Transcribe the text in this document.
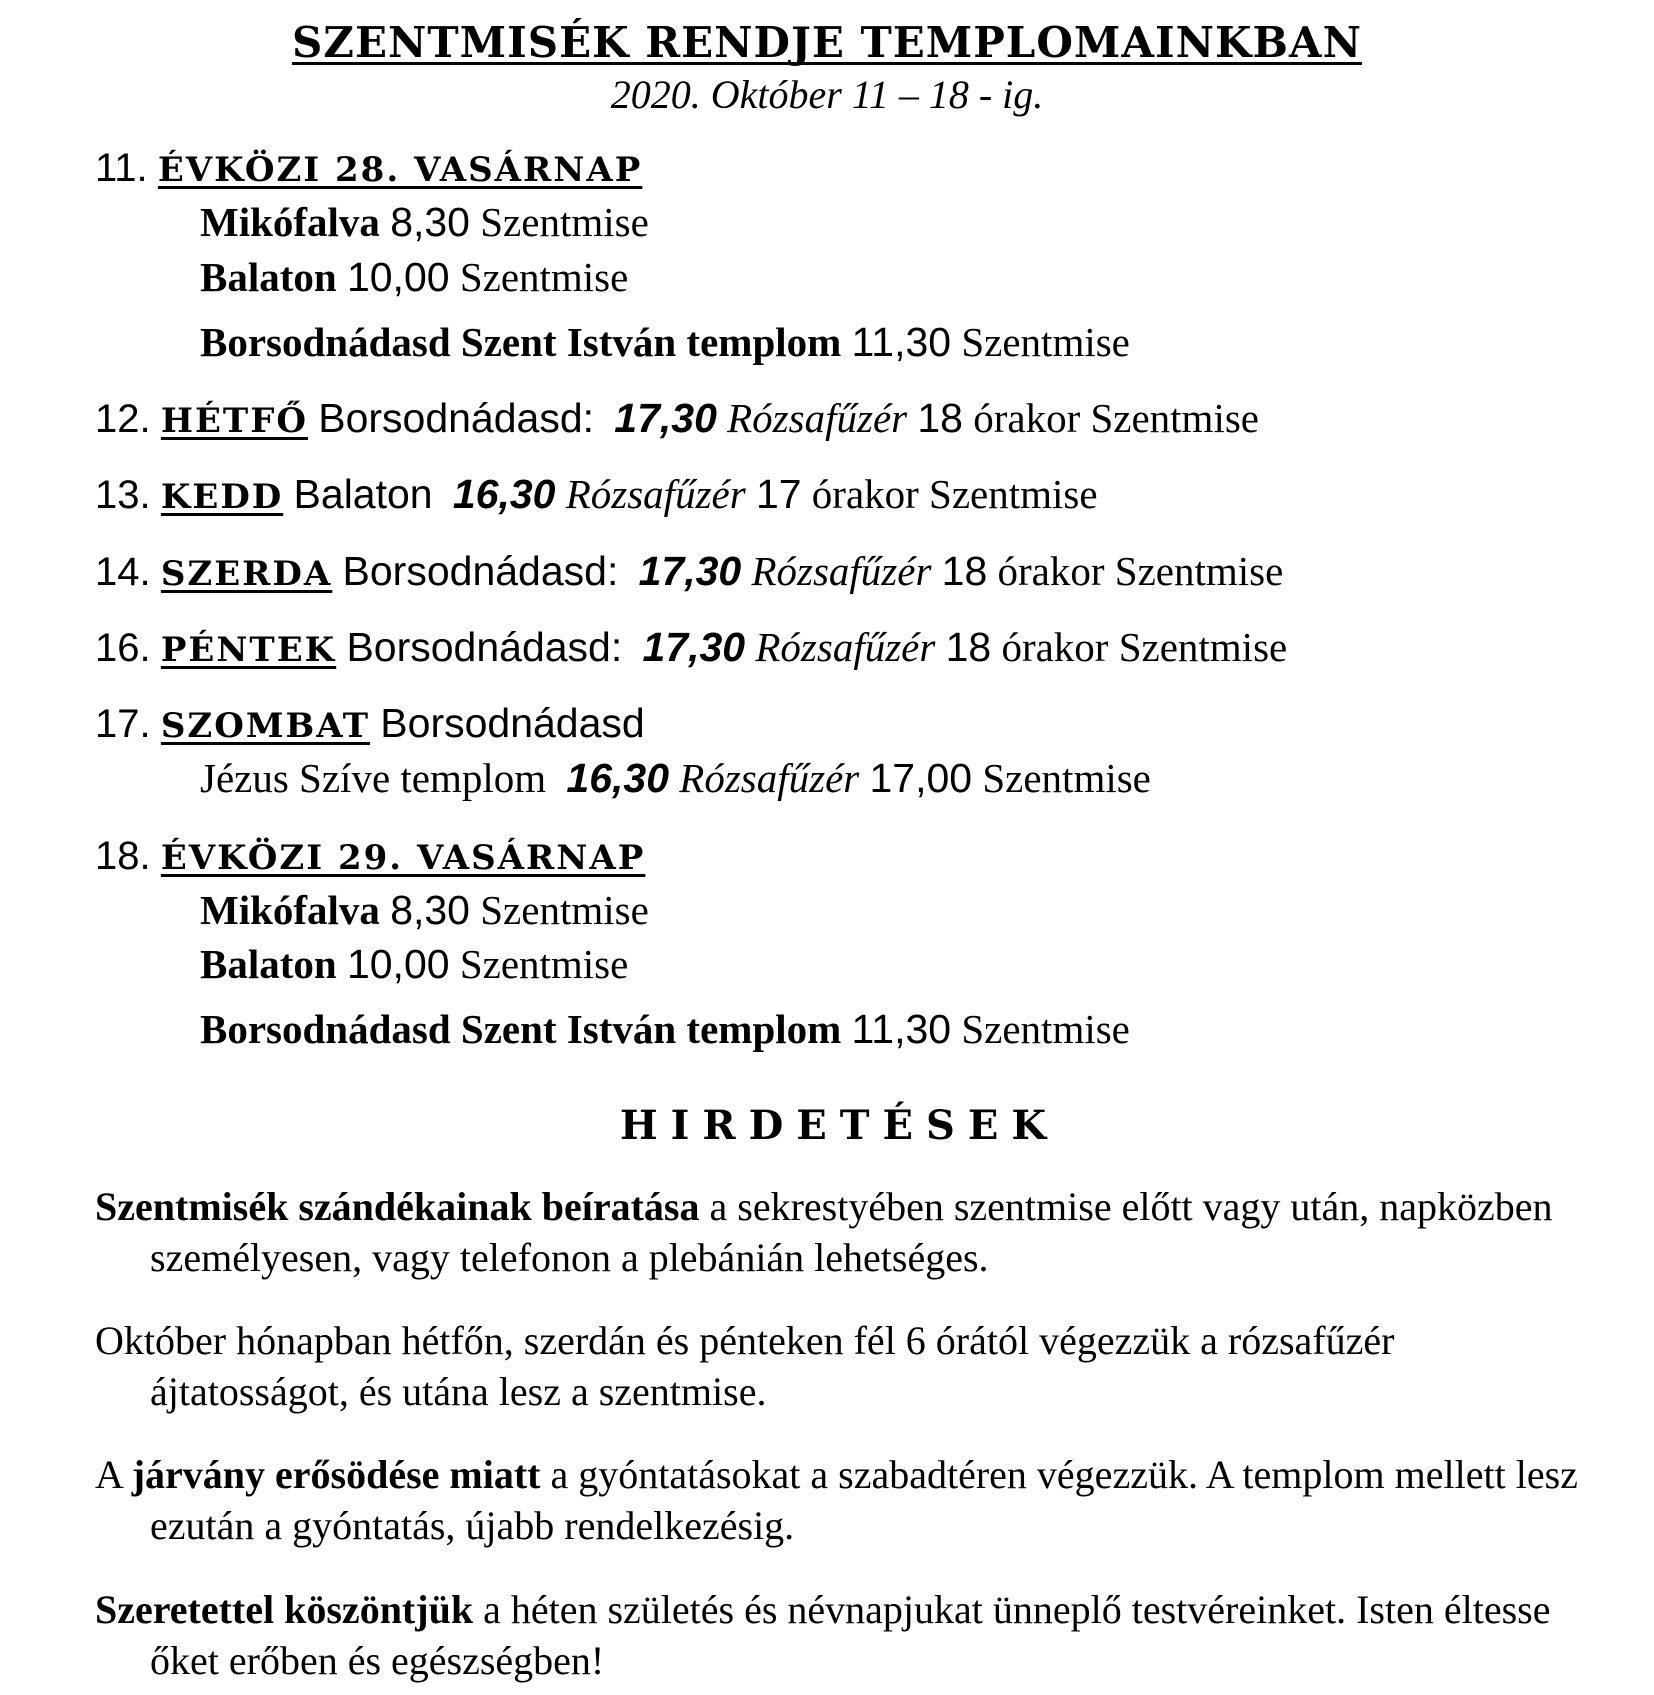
SZENTMISÉK RENDJE TEMPLOMAINKBAN
2020. Október 11 – 18 - ig.
11. ÉVKÖZI 28. VASÁRNAP
Mikófalva 8,30 Szentmise
Balaton 10,00 Szentmise
Borsodnádasd Szent István templom 11,30 Szentmise
12. HÉTFŐ Borsodnádasd: 17,30 Rózsafűzér 18 órakor Szentmise
13. KEDD Balaton 16,30 Rózsafűzér 17 órakor Szentmise
14. SZERDA Borsodnádasd: 17,30 Rózsafűzér 18 órakor Szentmise
16. PÉNTEK Borsodnádasd: 17,30 Rózsafűzér 18 órakor Szentmise
17. SZOMBAT Borsodnádasd
Jézus Szíve templom 16,30 Rózsafűzér 17,00 Szentmise
18. ÉVKÖZI 29. VASÁRNAP
Mikófalva 8,30 Szentmise
Balaton 10,00 Szentmise
Borsodnádasd Szent István templom 11,30 Szentmise
HIRDETÉSEK

Szentmisék szándékainak beíratása a sekrestyében szentmise előtt vagy után, napközben személyesen, vagy telefonon a plebánián lehetséges.

Október hónapban hétfőn, szerdán és pénteken fél 6 órától végezzük a rózsafűzér ájtatosságot, és utána lesz a szentmise.

A járvány erősödése miatt a gyóntatásokat a szabadtéren végezzük. A templom mellett lesz ezután a gyóntatás, újabb rendelkezésig.

Szeretettel köszöntjük a héten születés és névnapjukat ünneplő testvéreinket. Isten éltesse őket erőben és egészségben!
